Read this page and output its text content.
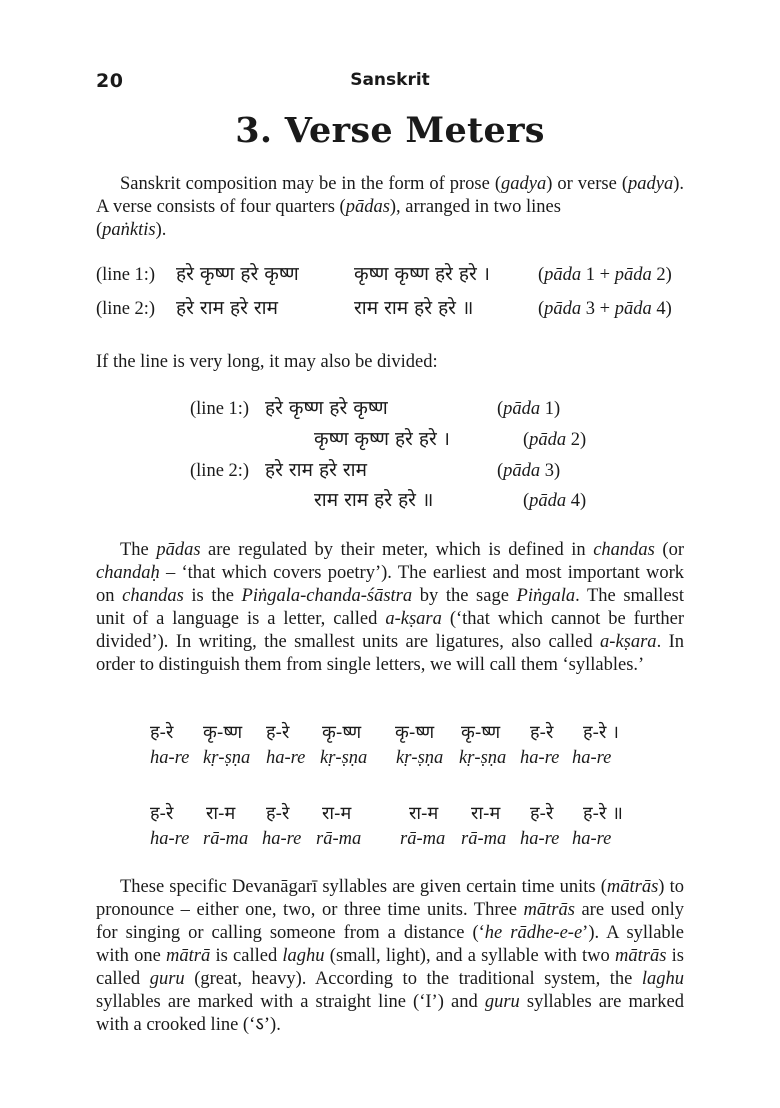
20	Sanskrit
3. Verse Meters
Sanskrit composition may be in the form of prose (gadya) or verse (padya). A verse consists of four quarters (pādas), arranged in two lines
(paṅktis).
(line 1:) हरे कृष्ण हरे कृष्ण	कृष्ण कृष्ण हरे हरे ।	(pāda 1 + pāda 2)
(line 2:) हरे राम हरे राम	राम राम हरे हरे ॥	(pāda 3 + pāda 4)
If the line is very long, it may also be divided:
(line 1:) हरे कृष्ण हरे कृष्ण	(pāda 1)
कृष्ण कृष्ण हरे हरे ।	(pāda 2)
(line 2:) हरे राम हरे राम	(pāda 3)
राम राम हरे हरे ॥	(pāda 4)
The pādas are regulated by their meter, which is defined in chandas (or chandaḥ – ‘that which covers poetry’). The earliest and most important work on chandas is the Piṅgala-chanda-śāstra by the sage Piṅgala. The smallest unit of a language is a letter, called a-kṣara (‘that which cannot be further divided’). In writing, the smallest units are ligatures, also called a-kṣara. In order to distinguish them from single letters, we will call them ‘syllables.’
ह-रे कृ-ष्ण ह-रे कृ-ष्ण कृ-ष्ण कृ-ष्ण ह-रे ह-रे ।
ha-re kṛ-ṣṇa ha-re kṛ-ṣṇa kṛ-ṣṇa kṛ-ṣṇa ha-re ha-re
ह-रे रा-म ह-रे रा-म	रा-म रा-म ह-रे ह-रे ॥
ha-re rā-ma ha-re rā-ma rā-ma rā-ma ha-re ha-re
These specific Devanāgarī syllables are given certain time units (mātrās) to pronounce – either one, two, or three time units. Three mātrās are used only for singing or calling someone from a distance (‘he rādhe-e-e’). A syllable with one mātrā is called laghu (small, light), and a syllable with two mātrās is called guru (great, heavy). According to the traditional system, the laghu syllables are marked with a straight line (‘I’) and guru syllables are marked with a crooked line (‘ऽ’).
